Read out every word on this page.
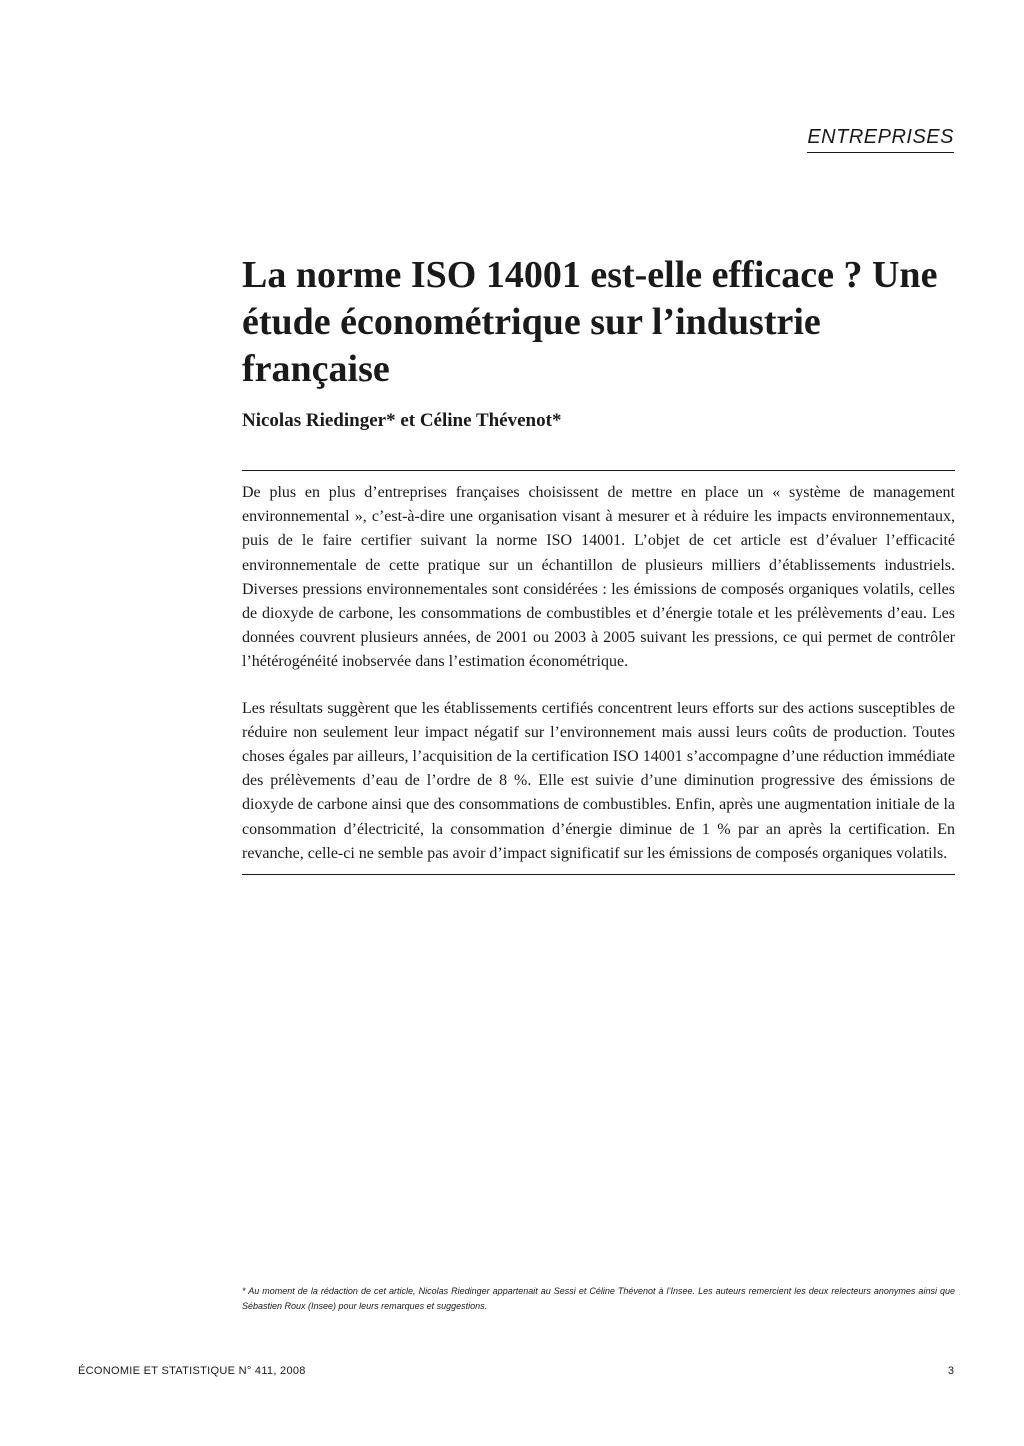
ENTREPRISES
La norme ISO 14001 est-elle efficace ? Une étude économétrique sur l’industrie française

Nicolas Riedinger* et Céline Thévenot*

De plus en plus d’entreprises françaises choisissent de mettre en place un « système de management environnemental », c’est-à-dire une organisation visant à mesurer et à réduire les impacts environnementaux, puis de le faire certifier suivant la norme ISO 14001. L’objet de cet article est d’évaluer l’efficacité environnementale de cette pratique sur un échantillon de plusieurs milliers d’établissements industriels. Diverses pressions environnementales sont considérées : les émissions de composés organiques volatils, celles de dioxyde de carbone, les consommations de combustibles et d’énergie totale et les prélèvements d’eau. Les données couvrent plusieurs années, de 2001 ou 2003 à 2005 suivant les pressions, ce qui permet de contrôler l’hétérogénéité inobservée dans l’estimation économétrique.

Les résultats suggèrent que les établissements certifiés concentrent leurs efforts sur des actions susceptibles de réduire non seulement leur impact négatif sur l’environnement mais aussi leurs coûts de production. Toutes choses égales par ailleurs, l’acquisition de la certification ISO 14001 s’accompagne d’une réduction immédiate des prélèvements d’eau de l’ordre de 8 %. Elle est suivie d’une diminution progressive des émissions de dioxyde de carbone ainsi que des consommations de combustibles. Enfin, après une augmentation initiale de la consommation d’électricité, la consommation d’énergie diminue de 1 % par an après la certification. En revanche, celle-ci ne semble pas avoir d’impact significatif sur les émissions de composés organiques volatils.

* Au moment de la rédaction de cet article, Nicolas Riedinger appartenait au Sessi et Céline Thévenot à l’Insee. Les auteurs remercient les deux relecteurs anonymes ainsi que Sébastien Roux (Insee) pour leurs remarques et suggestions.

ÉCONOMIE ET STATISTIQUE N° 411, 2008	3
